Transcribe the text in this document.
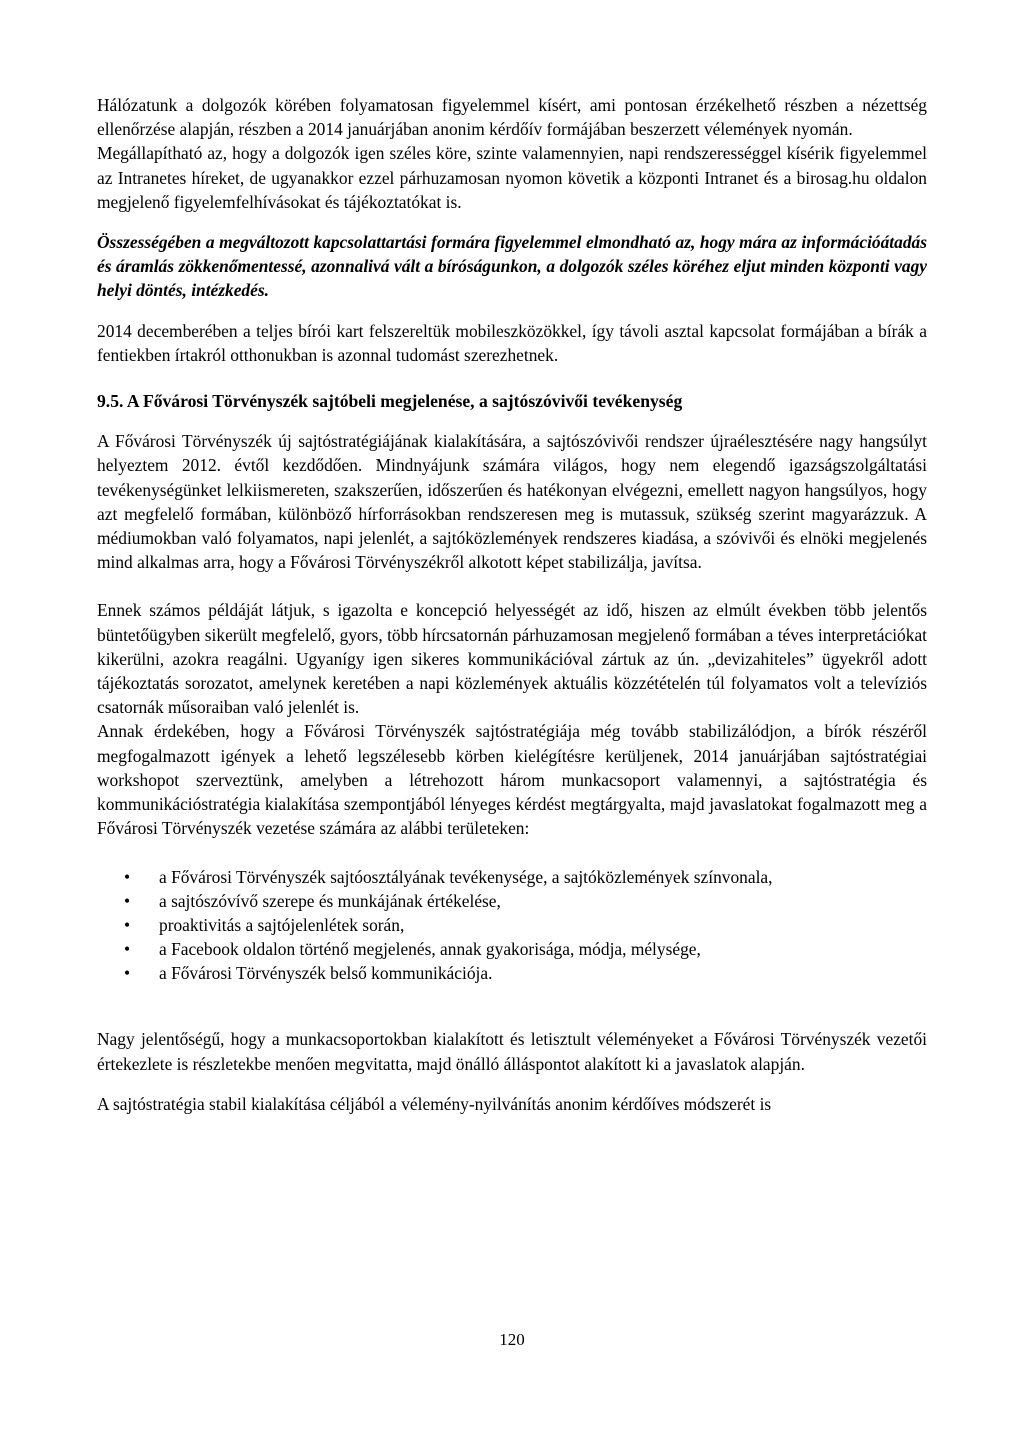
Hálózatunk a dolgozók körében folyamatosan figyelemmel kísért, ami pontosan érzékelhető részben a nézettség ellenőrzése alapján, részben a 2014 januárjában anonim kérdőív formájában beszerzett vélemények nyomán.

Megállapítható az, hogy a dolgozók igen széles köre, szinte valamennyien, napi rendszerességgel kísérik figyelemmel az Intranetes híreket, de ugyanakkor ezzel párhuzamosan nyomon követik a központi Intranet és a birosag.hu oldalon megjelenő figyelemfelhívásokat és tájékoztatókat is.

Összességében a megváltozott kapcsolattartási formára figyelemmel elmondható az, hogy mára az információátadás és áramlás zökkenőmentessé, azonnalivá vált a bíróságunkon, a dolgozók széles köréhez eljut minden központi vagy helyi döntés, intézkedés.

2014 decemberében a teljes bírói kart felszereltük mobileszközökkel, így távoli asztal kapcsolat formájában a bírák a fentiekben írtakról otthonukban is azonnal tudomást szerezhetnek.

9.5. A Fővárosi Törvényszék sajtóbeli megjelenése, a sajtószóvivői tevékenység

A Fővárosi Törvényszék új sajtóstratégiájának kialakítására, a sajtószóvivői rendszer újraélesztésére nagy hangsúlyt helyeztem 2012. évtől kezdődően. Mindnyájunk számára világos, hogy nem elegendő igazságszolgáltatási tevékenységünket lelkiismereten, szakszerűen, időszerűen és hatékonyan elvégezni, emellett nagyon hangsúlyos, hogy azt megfelelő formában, különböző hírforrásokban rendszeresen meg is mutassuk, szükség szerint magyarázzuk. A médiumokban való folyamatos, napi jelenlét, a sajtóközlemények rendszeres kiadása, a szóvivői és elnöki megjelenés mind alkalmas arra, hogy a Fővárosi Törvényszékről alkotott képet stabilizálja, javítsa.

Ennek számos példáját látjuk, s igazolta e koncepció helyességét az idő, hiszen az elmúlt években több jelentős büntetőügyben sikerült megfelelő, gyors, több hírcsatornán párhuzamosan megjelenő formában a téves interpretációkat kikerülni, azokra reagálni. Ugyanígy igen sikeres kommunikációval zártuk az ún. „devizahiteles” ügyekről adott tájékoztatás sorozatot, amelynek keretében a napi közlemények aktuális közzétételén túl folyamatos volt a televíziós csatornák műsoraiban való jelenlét is.

Annak érdekében, hogy a Fővárosi Törvényszék sajtóstratégiája még tovább stabilizálódjon, a bírók részéről megfogalmazott igények a lehető legszélesebb körben kielégítésre kerüljenek, 2014 januárjában sajtóstratégiai workshopot szerveztünk, amelyben a létrehozott három munkacsoport valamennyi, a sajtóstratégia és kommunikációstratégia kialakítása szempontjából lényeges kérdést megtárgyalta, majd javaslatokat fogalmazott meg a Fővárosi Törvényszék vezetése számára az alábbi területeken:

• a Fővárosi Törvényszék sajtóosztályának tevékenysége, a sajtóközlemények színvonala,
• a sajtószóvívő szerepe és munkájának értékelése,
• proaktivitás a sajtójelenlétek során,
• a Facebook oldalon történő megjelenés, annak gyakorisága, módja, mélysége,
• a Fővárosi Törvényszék belső kommunikációja.

Nagy jelentőségű, hogy a munkacsoportokban kialakított és letisztult véleményeket a Fővárosi Törvényszék vezetői értekezlete is részletekbe menően megvitatta, majd önálló álláspontot alakított ki a javaslatok alapján.

A sajtóstratégia stabil kialakítása céljából a vélemény-nyilvánítás anonim kérdőíves módszerét is

120
